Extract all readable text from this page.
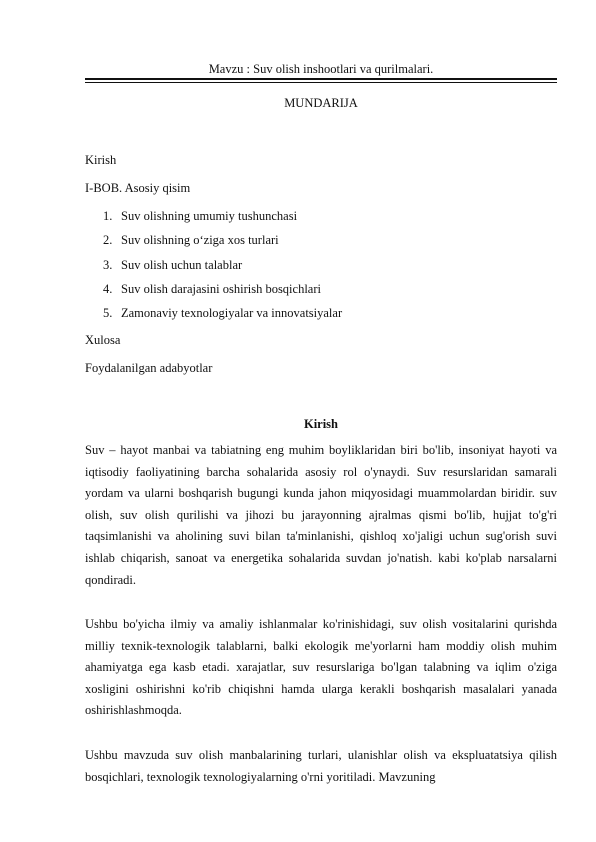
Mavzu : Suv olish inshootlari va qurilmalari.
MUNDARIJA
Kirish
I-BOB. Asosiy qisim
1. Suv olishning umumiy tushunchasi
2. Suv olishning o‘ziga xos turlari
3. Suv olish uchun talablar
4. Suv olish darajasini oshirish bosqichlari
5. Zamonaviy texnologiyalar va innovatsiyalar
Xulosa
Foydalanilgan adabyotlar
Kirish
Suv – hayot manbai va tabiatning eng muhim boyliklaridan biri bo'lib, insoniyat hayoti va iqtisodiy faoliyatining barcha sohalarida asosiy rol o'ynaydi. Suv resurslaridan samarali yordam va ularni boshqarish bugungi kunda jahon miqyosidagi muammolardan biridir. suv olish, suv olish qurilishi va jihozi bu jarayonning ajralmas qismi bo'lib, hujjat to'g'ri taqsimlanishi va aholining suvi bilan ta'minlanishi, qishloq xo'jaligi uchun sug'orish suvi ishlab chiqarish, sanoat va energetika sohalarida suvdan jo'natish. kabi ko'plab narsalarni qondiradi.
Ushbu bo'yicha ilmiy va amaliy ishlanmalar ko'rinishidagi, suv olish vositalarini qurishda milliy texnik-texnologik talablarni, balki ekologik me'yorlarni ham moddiy olish muhim ahamiyatga ega kasb etadi. xarajatlar, suv resurslariga bo'lgan talabning va iqlim o'ziga xosligini oshirishni ko'rib chiqishni hamda ularga kerakli boshqarish masalalari yanada oshirishlashmoqda.
Ushbu mavzuda suv olish manbalarining turlari, ulanishlar olish va ekspluatatsiya qilish bosqichlari, texnologik texnologiyalarning o'rni yoritiladi. Mavzuning
